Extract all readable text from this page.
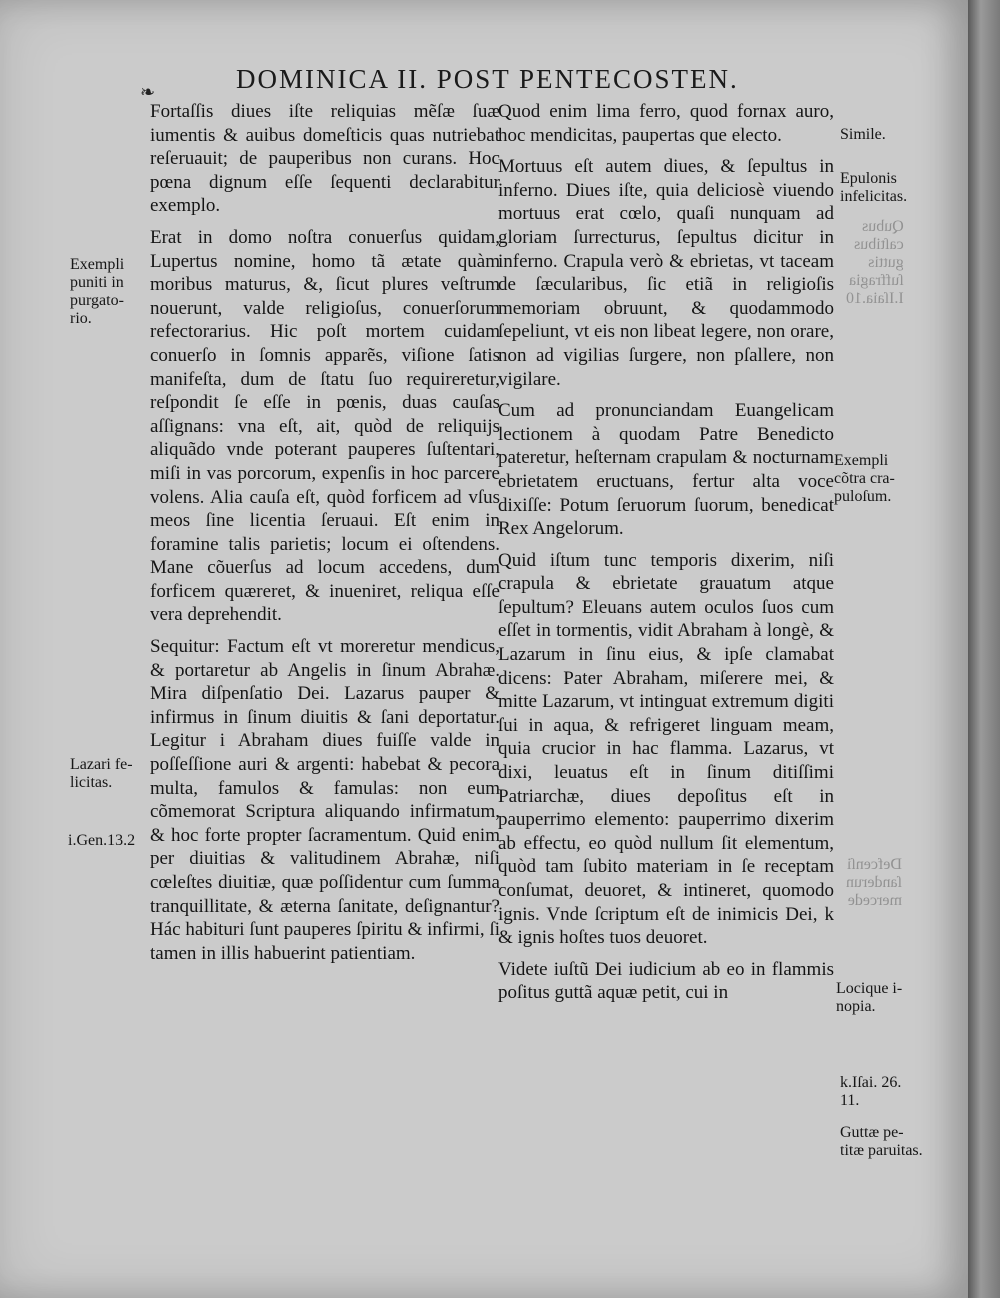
❧	DOMINICA II. POST PENTECOSTEN.

Fortaſſis diues iſte reliquias mẽſæ ſuæ iumentis & auibus domeſticis quas nutriebat reſeruauit; de pauperibus non curans. Hoc pœna dignum eſſe ſequenti declarabitur exemplo.

Erat in domo noſtra conuerſus quidam, Lupertus nomine, homo tã ætate quàm moribus maturus, &, ſicut plures veſtrum nouerunt, valde religioſus, conuerſorum refectorarius. Hic poſt mortem cuidam conuerſo in ſomnis apparẽs, viſione ſatis manifeſta, dum de ſtatu ſuo requireretur, reſpondit ſe eſſe in pœnis, duas cauſas aſſignans: vna eſt, ait, quòd de reliquijs aliquãdo vnde poterant pauperes ſuſtentari, miſi in vas porcorum, expenſis in hoc parcere volens. Alia cauſa eſt, quòd forficem ad vſus meos ſine licentia ſeruaui. Eſt enim in foramine talis parietis; locum ei oſtendens. Mane cõuerſus ad locum accedens, dum forficem quæreret, & inueniret, reliqua eſſe vera deprehendit.

Sequitur: Factum eſt vt moreretur mendicus, & portaretur ab Angelis in ſinum Abrahæ. Mira diſpenſatio Dei. Lazarus pauper & infirmus in ſinum diuitis & ſani deportatur. Legitur i Abraham diues fuiſſe valde in poſſeſſione auri & argenti: habebat & pecora multa, famulos & famulas: non eum cõmemorat Scriptura aliquando infirmatum, & hoc forte propter ſacramentum. Quid enim per diuitias & valitudinem Abrahæ, niſi cœleſtes diuitiæ, quæ poſſidentur cum ſumma tranquillitate, & æterna ſanitate, deſignantur? Hác habituri ſunt pauperes ſpiritu & infirmi, ſi tamen in illis habuerint patientiam.

Quod enim lima ferro, quod fornax auro, hoc mendicitas, paupertas que electo.

Mortuus eſt autem diues, & ſepultus in inferno. Diues iſte, quia deliciosè viuendo mortuus erat cœlo, quaſi nunquam ad gloriam ſurrecturus, ſepultus dicitur in inferno. Crapula verò & ebrietas, vt taceam de ſæcularibus, ſic etiã in religioſis memoriam obruunt, & quodammodo ſepeliunt, vt eis non libeat legere, non orare, non ad vigilias ſurgere, non pſallere, non vigilare.

Cum ad pronunciandam Euangelicam lectionem à quodam Patre Benedicto pateretur, heſternam crapulam & nocturnam ebrietatem eructuans, fertur alta voce dixiſſe: Potum ſeruorum ſuorum, benedicat Rex Angelorum.

Quid iſtum tunc temporis dixerim, niſi crapula & ebrietate grauatum atque ſepultum? Eleuans autem oculos ſuos cum eſſet in tormentis, vidit Abraham à longè, & Lazarum in ſinu eius, & ipſe clamabat dicens: Pater Abraham, miſerere mei, & mitte Lazarum, vt intinguat extremum digiti ſui in aqua, & refrigeret linguam meam, quia crucior in hac flamma. Lazarus, vt dixi, leuatus eſt in ſinum ditiſſimi Patriarchæ, diues depoſitus eſt in pauperrimo elemento: pauperrimo dixerim ab effectu, eo quòd nullum ſit elementum, quòd tam ſubito materiam in ſe receptam conſumat, deuoret, & intineret, quomodo ignis. Vnde ſcriptum eſt de inimicis Dei, k & ignis hoſtes tuos deuoret.

Videte iuſtũ Dei iudicium ab eo in flammis poſitus guttã aquæ petit, cui in

Exempli
puniti in
purgato-
rio.
Lazari fe-
licitas.
i.Gen.13.2
Simile.
Epulonis
infelicitas.
Exempli
cõtra cra-
puloſum.
Locique i-
nopia.
k.Iſai. 26.
11.
Guttæ pe-
titæ paruitas.
Qubus
caſtibus
guttis
ſuffragia
I.Iſaia.10
Defcenſi
ſanderun
mercede
